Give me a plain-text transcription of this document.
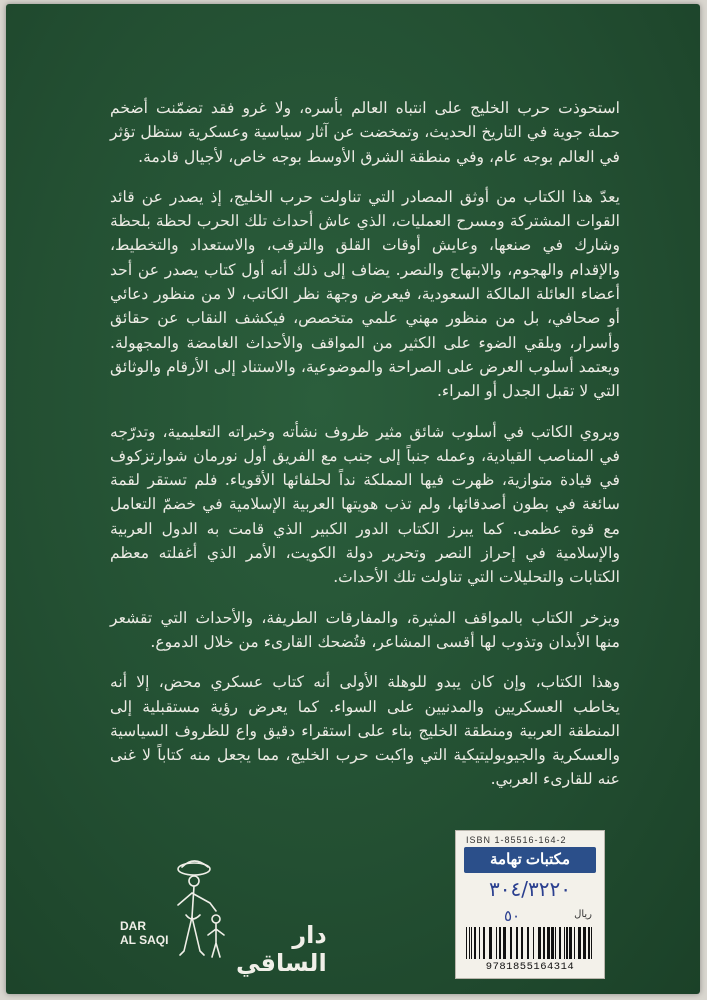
استحوذت حرب الخليج على انتباه العالم بأسره، ولا غرو فقد تضمّنت أضخم حملة جوية في التاريخ الحديث، وتمخضت عن آثار سياسية وعسكرية ستظل تؤثر في العالم بوجه عام، وفي منطقة الشرق الأوسط بوجه خاص، لأجيال قادمة.

يعدّ هذا الكتاب من أوثق المصادر التي تناولت حرب الخليج، إذ يصدر عن قائد القوات المشتركة ومسرح العمليات، الذي عاش أحداث تلك الحرب لحظة بلحظة وشارك في صنعها، وعايش أوقات القلق والترقب، والاستعداد والتخطيط، والإقدام والهجوم، والابتهاج والنصر. يضاف إلى ذلك أنه أول كتاب يصدر عن أحد أعضاء العائلة المالكة السعودية، فيعرض وجهة نظر الكاتب، لا من منظور دعائي أو صحافي، بل من منظور مهني علمي متخصص، فيكشف النقاب عن حقائق وأسرار، ويلقي الضوء على الكثير من المواقف والأحداث الغامضة والمجهولة. ويعتمد أسلوب العرض على الصراحة والموضوعية، والاستناد إلى الأرقام والوثائق التي لا تقبل الجدل أو المراء.

ويروي الكاتب في أسلوب شائق مثير ظروف نشأته وخبراته التعليمية، وتدرّجه في المناصب القيادية، وعمله جنباً إلى جنب مع الفريق أول نورمان شوارتزكوف في قيادة متوازية، ظهرت فيها المملكة نداً لحلفائها الأقوياء. فلم تستقر لقمة سائغة في بطون أصدقائها، ولم تذب هويتها العربية الإسلامية في خضمّ التعامل مع قوة عظمى. كما يبرز الكتاب الدور الكبير الذي قامت به الدول العربية والإسلامية في إحراز النصر وتحرير دولة الكويت، الأمر الذي أغفلته معظم الكتابات والتحليلات التي تناولت تلك الأحداث.

ويزخر الكتاب بالمواقف المثيرة، والمفارقات الطريفة، والأحداث التي تقشعر منها الأبدان وتذوب لها أقسى المشاعر، فتُضحك القارىء من خلال الدموع.

وهذا الكتاب، وإن كان يبدو للوهلة الأولى أنه كتاب عسكري محض، إلا أنه يخاطب العسكريين والمدنيين على السواء. كما يعرض رؤية مستقبلية إلى المنطقة العربية ومنطقة الخليج بناء على استقراء دقيق واع للظروف السياسية والعسكرية والجيوبوليتيكية التي واكبت حرب الخليج، مما يجعل منه كتاباً لا غنى عنه للقارىء العربي.

DAR
AL SAQI	دار الساقي
ISBN 1-85516-164-2
مكتبات تهامة
٣٠٤/٣٢٢٠
ريال
٥٠
9781855164314
